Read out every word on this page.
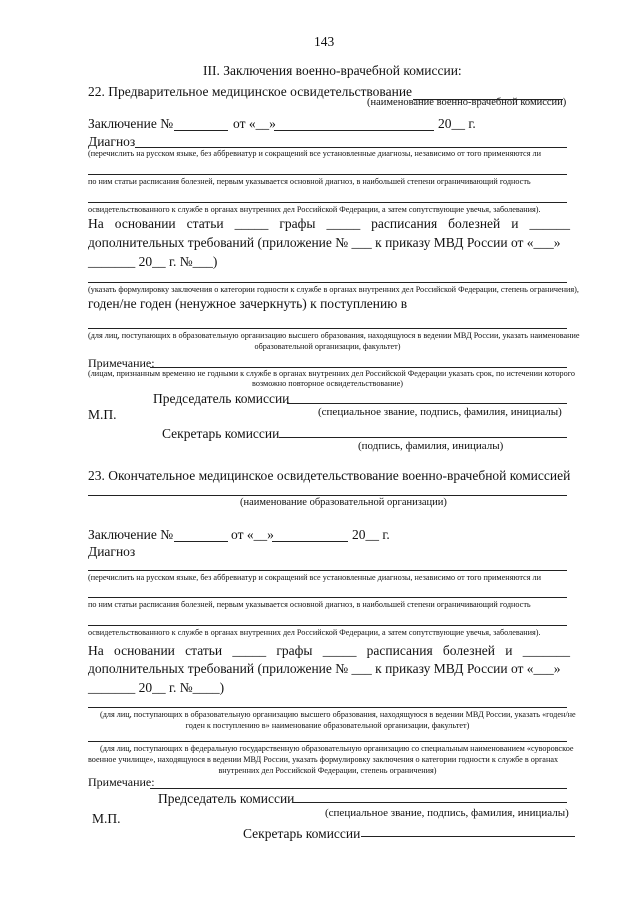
143
III. Заключения военно-врачебной комиссии:
22. Предварительное медицинское освидетельствование
(наименование военно-врачебной комиссии)
Заключение №	от «__»	20__ г.
Диагноз
(перечислить на русском языке, без аббревиатур и сокращений все установленные диагнозы, независимо от того применяются ли
по ним статьи расписания болезней, первым указывается основной диагноз, в наибольшей степени ограничивающий годность
освидетельствованного к службе в органах внутренних дел Российской Федерации, а затем сопутствующие увечья, заболевания).
На основании статьи _____ графы _____ расписания болезней и ______
дополнительных требований (приложение № ___ к приказу МВД России от «___»
_______ 20__ г. №___)
(указать формулировку заключения о категории годности к службе в органах внутренних дел Российской Федерации, степень ограничения),
годен/не годен (ненужное зачеркнуть) к поступлению в
(для лиц, поступающих в образовательную организацию высшего образования, находящуюся в ведении МВД России, указать наименование
образовательной организации, факультет)
Примечание:
(лицам, признанным временно не годными к службе в органах внутренних дел Российской Федерации указать срок, по истечении которого
возможно повторное освидетельствование)
Председатель комиссии
М.П.	(специальное звание, подпись, фамилия, инициалы)
Секретарь комиссии
(подпись, фамилия, инициалы)
23. Окончательное медицинское освидетельствование военно-врачебной комиссией
(наименование образовательной организации)
Заключение №	от «__»	20__ г.
Диагноз
(перечислить на русском языке, без аббревиатур и сокращений все установленные диагнозы, независимо от того применяются ли
по ним статьи расписания болезней, первым указывается основной диагноз, в наибольшей степени ограничивающий годность
освидетельствованного к службе в органах внутренних дел Российской Федерации, а затем сопутствующие увечья, заболевания).
На основании статьи _____ графы _____ расписания болезней и _______
дополнительных требований (приложение № ___ к приказу МВД России от «___»
_______ 20__ г. №____)
(для лиц, поступающих в образовательную организацию высшего образования, находящуюся в ведении МВД России, указать «годен/не
годен к поступлению в» наименование образовательной организации, факультет)
(для лиц, поступающих в федеральную государственную образовательную организацию со специальным наименованием «суворовское
военное училище», находящуюся в ведении МВД России, указать формулировку заключения о категории годности к службе в органах
внутренних дел Российской Федерации, степень ограничения)
Примечание:
Председатель комиссии
М.П.	(специальное звание, подпись, фамилия, инициалы)
Секретарь комиссии
